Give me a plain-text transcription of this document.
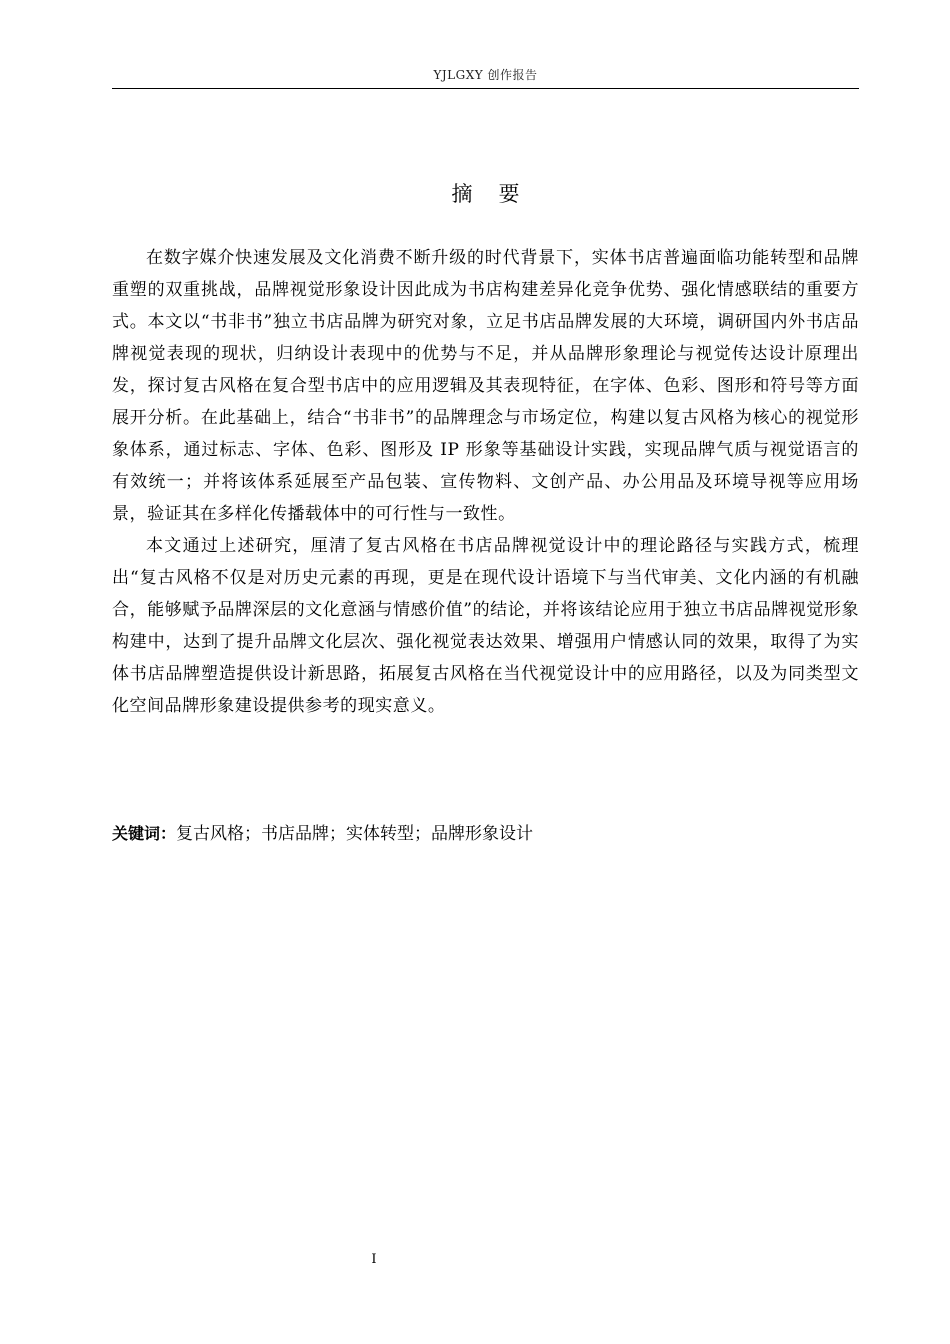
YJLGXY 创作报告
摘要

在数字媒介快速发展及文化消费不断升级的时代背景下，实体书店普遍面临功能转型和品牌重塑的双重挑战，品牌视觉形象设计因此成为书店构建差异化竞争优势、强化情感联结的重要方式。本文以“书非书”独立书店品牌为研究对象，立足书店品牌发展的大环境，调研国内外书店品牌视觉表现的现状，归纳设计表现中的优势与不足，并从品牌形象理论与视觉传达设计原理出发，探讨复古风格在复合型书店中的应用逻辑及其表现特征，在字体、色彩、图形和符号等方面展开分析。在此基础上，结合“书非书”的品牌理念与市场定位，构建以复古风格为核心的视觉形象体系，通过标志、字体、色彩、图形及 IP 形象等基础设计实践，实现品牌气质与视觉语言的有效统一；并将该体系延展至产品包装、宣传物料、文创产品、办公用品及环境导视等应用场景，验证其在多样化传播载体中的可行性与一致性。

本文通过上述研究，厘清了复古风格在书店品牌视觉设计中的理论路径与实践方式，梳理出“复古风格不仅是对历史元素的再现，更是在现代设计语境下与当代审美、文化内涵的有机融合，能够赋予品牌深层的文化意涵与情感价值”的结论，并将该结论应用于独立书店品牌视觉形象构建中，达到了提升品牌文化层次、强化视觉表达效果、增强用户情感认同的效果，取得了为实体书店品牌塑造提供设计新思路，拓展复古风格在当代视觉设计中的应用路径，以及为同类型文化空间品牌形象建设提供参考的现实意义。

关键词：复古风格；书店品牌；实体转型；品牌形象设计
I
